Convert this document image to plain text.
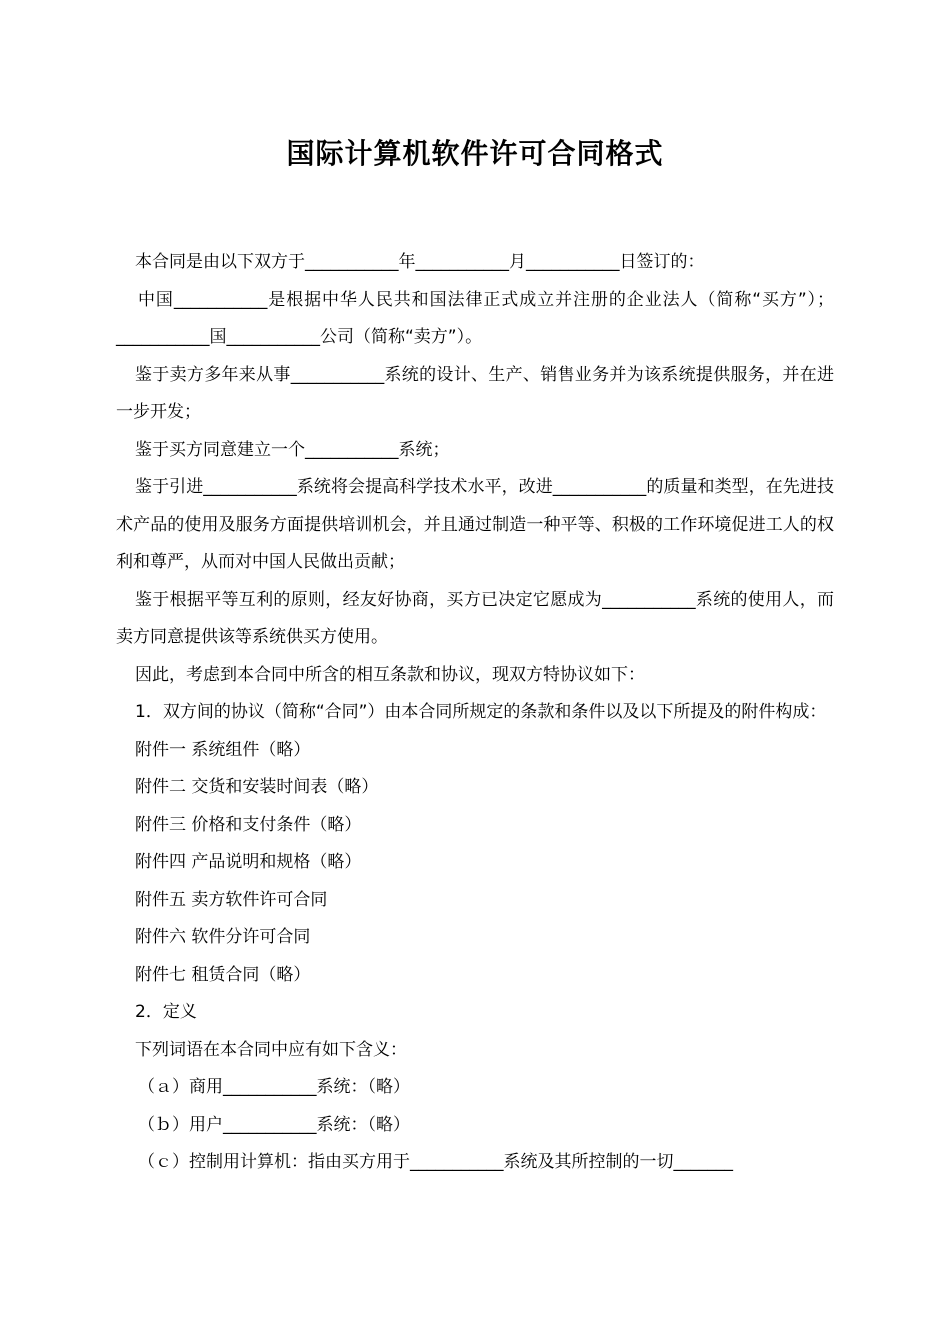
国际计算机软件许可合同格式

本合同是由以下双方于___________年___________月___________日签订的：

中国___________是根据中华人民共和国法律正式成立并注册的企业法人（简称“买方”）；___________国___________公司（简称“卖方”）。

鉴于卖方多年来从事___________系统的设计、生产、销售业务并为该系统提供服务，并在进一步开发；

鉴于买方同意建立一个___________系统；

鉴于引进___________系统将会提高科学技术水平，改进___________的质量和类型，在先进技术产品的使用及服务方面提供培训机会，并且通过制造一种平等、积极的工作环境促进工人的权利和尊严，从而对中国人民做出贡献；

鉴于根据平等互利的原则，经友好协商，买方已决定它愿成为___________系统的使用人，而卖方同意提供该等系统供买方使用。

因此，考虑到本合同中所含的相互条款和协议，现双方特协议如下：

1．双方间的协议（简称“合同”）由本合同所规定的条款和条件以及以下所提及的附件构成：

附件一 系统组件（略）

附件二 交货和安装时间表（略）

附件三 价格和支付条件（略）

附件四 产品说明和规格（略）

附件五 卖方软件许可合同

附件六 软件分许可合同

附件七 租赁合同（略）

2．定义

下列词语在本合同中应有如下含义：

（ａ）商用___________系统：（略）

（ｂ）用户___________系统：（略）

（ｃ）控制用计算机：指由买方用于___________系统及其所控制的一切_______
